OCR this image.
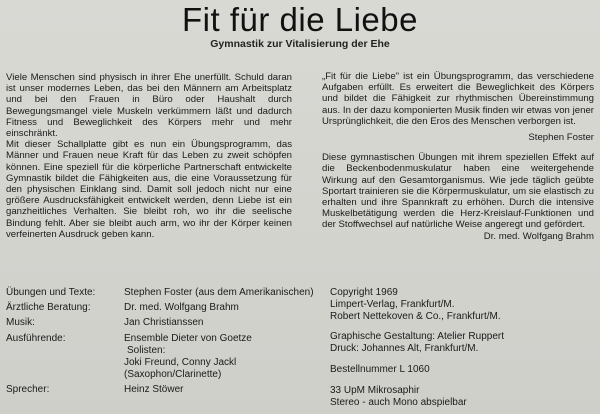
Fit für die Liebe
Gymnastik zur Vitalisierung der Ehe

Viele Menschen sind physisch in ihrer Ehe unerfüllt. Schuld daran ist unser modernes Leben, das bei den Männern am Arbeitsplatz und bei den Frauen in Büro oder Haushalt durch Bewegungsmangel viele Muskeln verkümmern läßt und dadurch Fitness und Beweglichkeit des Körpers mehr und mehr einschränkt.

Mit dieser Schallplatte gibt es nun ein Übungsprogramm, das Männer und Frauen neue Kraft für das Leben zu zweit schöpfen können. Eine speziell für die körperliche Partnerschaft entwickelte Gymnastik bildet die Fähigkeiten aus, die eine Voraussetzung für den physischen Einklang sind. Damit soll jedoch nicht nur eine größere Ausdrucksfähigkeit entwickelt werden, denn Liebe ist ein ganzheitliches Verhalten. Sie bleibt roh, wo ihr die seelische Bindung fehlt. Aber sie bleibt auch arm, wo ihr der Körper keinen verfeinerten Ausdruck geben kann.

„Fit für die Liebe" ist ein Übungsprogramm, das verschiedene Aufgaben erfüllt. Es erweitert die Beweglichkeit des Körpers und bildet die Fähigkeit zur rhythmischen Übereinstimmung aus. In der dazu komponierten Musik finden wir etwas von jener Ursprünglichkeit, die den Eros des Menschen verborgen ist.

Stephen Foster

Diese gymnastischen Übungen mit ihrem speziellen Effekt auf die Beckenbodenmuskulatur haben eine weitergehende Wirkung auf den Gesamtorganismus. Wie jede täglich geübte Sportart trainieren sie die Körpermuskulatur, um sie elastisch zu erhalten und ihre Spannkraft zu erhöhen. Durch die intensive Muskelbetätigung werden die Herz-Kreislauf-Funktionen und der Stoffwechsel auf natürliche Weise angeregt und gefördert.

Dr. med. Wolfgang Brahm

Übungen und Texte:	Stephen Foster (aus dem Amerikanischen)
Ärztliche Beratung:	Dr. med. Wolfgang Brahm
Musik:	Jan Christianssen
Ausführende:	Ensemble Dieter von Goetze
Solisten:
Joki Freund, Conny Jackl (Saxophon/Clarinette)
Sprecher:	Heinz Stöwer

Copyright 1969

Limpert-Verlag, Frankfurt/M.

Robert Nettekoven & Co., Frankfurt/M.

Graphische Gestaltung: Atelier Ruppert

Druck: Johannes Alt, Frankfurt/M.

Bestellnummer L 1060

33 UpM Mikrosaphir

Stereo - auch Mono abspielbar
